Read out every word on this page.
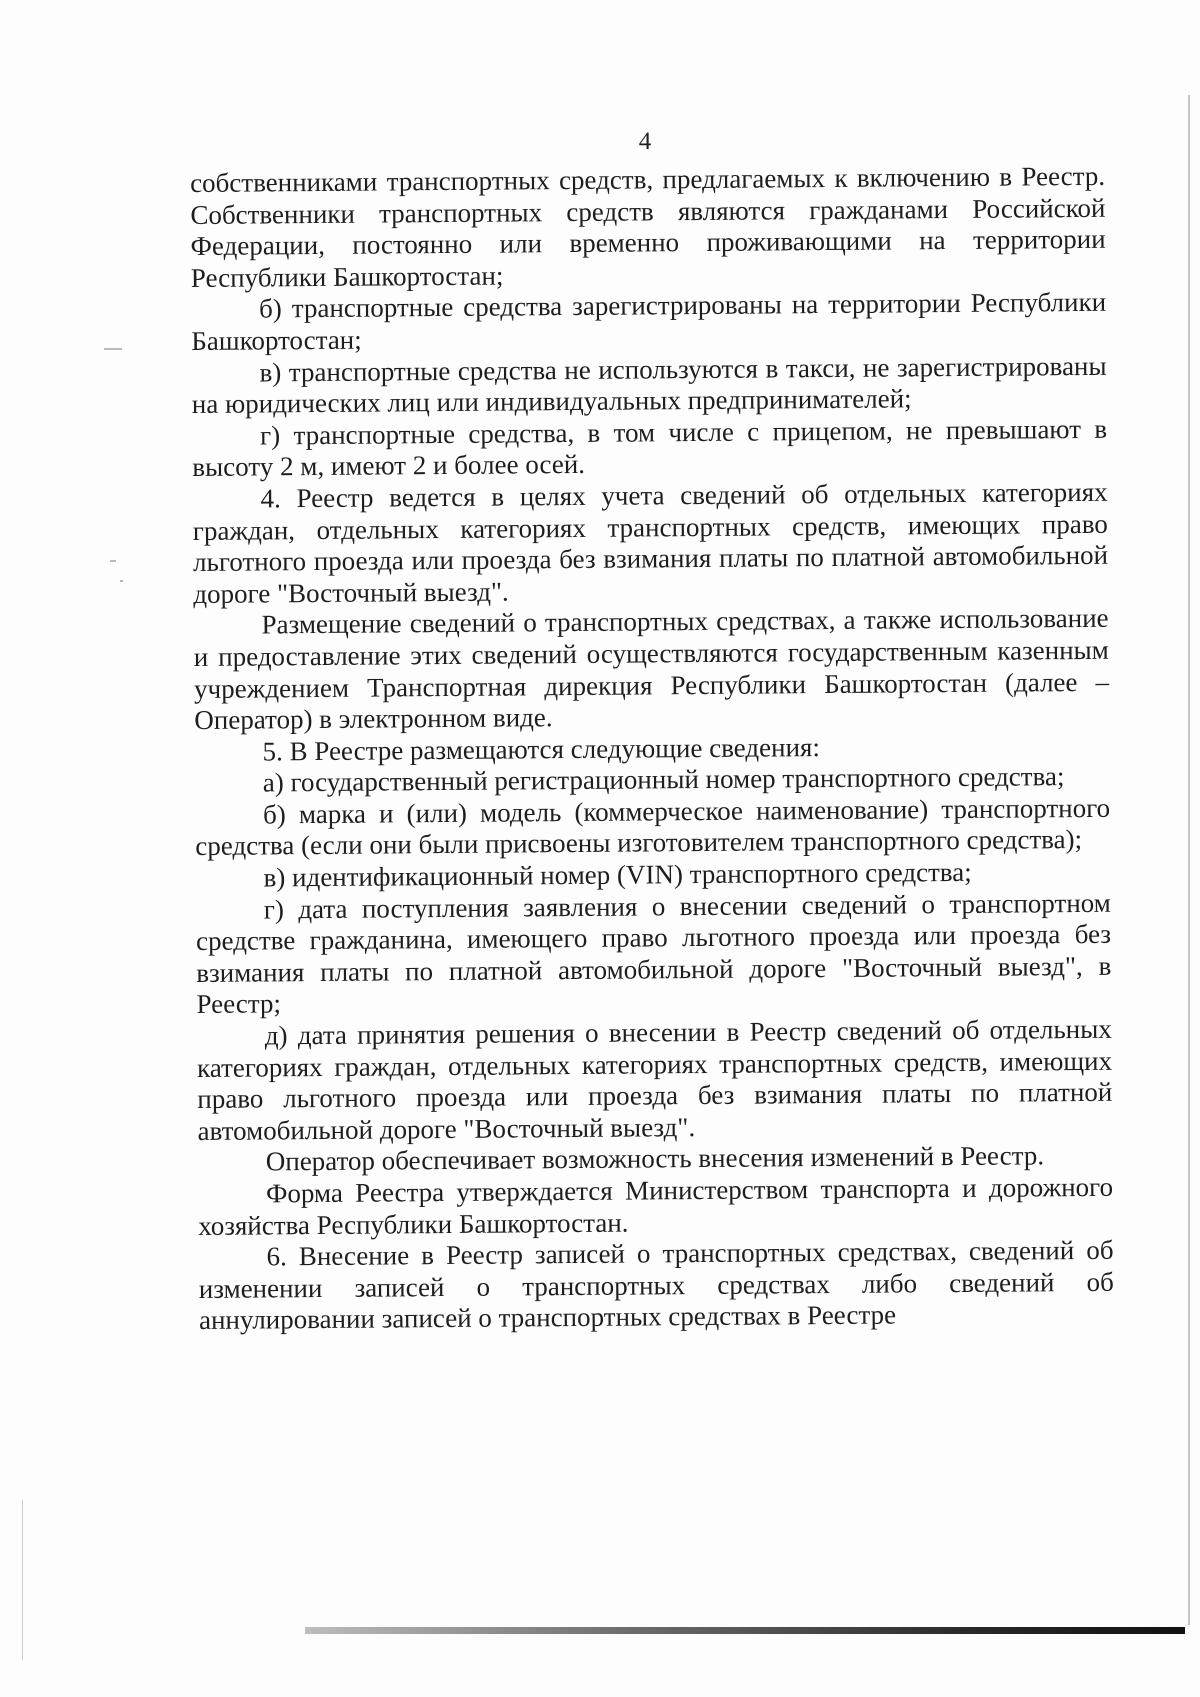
4

собственниками транспортных средств, предлагаемых к включению в Реестр. Собственники транспортных средств являются гражданами Российской Федерации, постоянно или временно проживающими на территории Республики Башкортостан;

б) транспортные средства зарегистрированы на территории Республики Башкортостан;

в) транспортные средства не используются в такси, не зарегистрированы на юридических лиц или индивидуальных предпринимателей;

г) транспортные средства, в том числе с прицепом, не превышают в высоту 2 м, имеют 2 и более осей.

4. Реестр ведется в целях учета сведений об отдельных категориях граждан, отдельных категориях транспортных средств, имеющих право льготного проезда или проезда без взимания платы по платной автомобильной дороге "Восточный выезд".

Размещение сведений о транспортных средствах, а также использование и предоставление этих сведений осуществляются государственным казенным учреждением Транспортная дирекция Республики Башкортостан (далее – Оператор) в электронном виде.

5. В Реестре размещаются следующие сведения:

а) государственный регистрационный номер транспортного средства;

б) марка и (или) модель (коммерческое наименование) транспортного средства (если они были присвоены изготовителем транспортного средства);

в) идентификационный номер (VIN) транспортного средства;

г) дата поступления заявления о внесении сведений о транспортном средстве гражданина, имеющего право льготного проезда или проезда без взимания платы по платной автомобильной дороге "Восточный выезд", в Реестр;

д) дата принятия решения о внесении в Реестр сведений об отдельных категориях граждан, отдельных категориях транспортных средств, имеющих право льготного проезда или проезда без взимания платы по платной автомобильной дороге "Восточный выезд".

Оператор обеспечивает возможность внесения изменений в Реестр.

Форма Реестра утверждается Министерством транспорта и дорожного хозяйства Республики Башкортостан.

6. Внесение в Реестр записей о транспортных средствах, сведений об изменении записей о транспортных средствах либо сведений об аннулировании записей о транспортных средствах в Реестре
